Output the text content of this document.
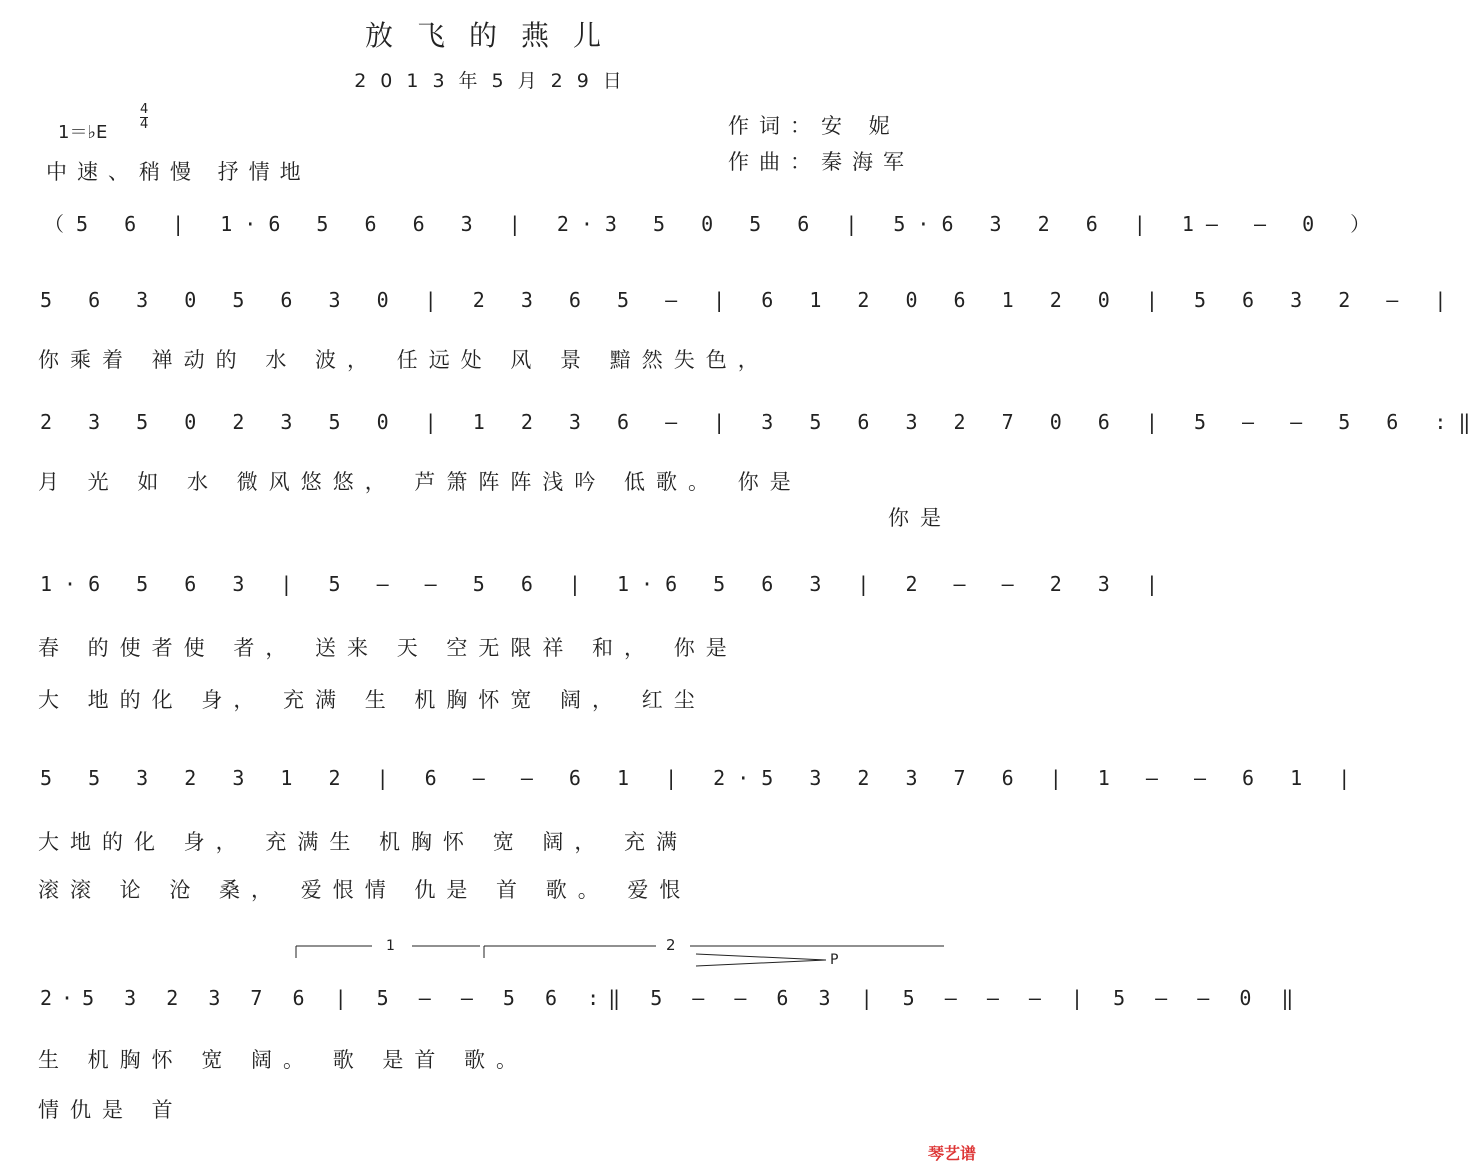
放飞的燕儿
2013年5月29日
1＝♭E
$\frac{4}{4}$
中速、稍慢 抒情地
作词：安 妮
作曲：秦海军
（5 6 | 1·6 5 6 6 3 | 2·3 5 0 5 6 | 5·6 3 2 6 | 1— — 0 ）
5 6 3 0 5 6 3 0 | 2 3 6 5 — | 6 1 2 0 6 1 2 0 | 5 6 3 2 — |
你乘着 禅动的 水 波， 任远处 风 景 黯然失色，
2 3 5 0 2 3 5 0 | 1 2 3 6 — | 3 5 6 3 2 7 0 6 | 5 — — 5 6 :‖
月 光 如 水 微风悠悠， 芦箫阵阵浅吟 低歌。 你是
你是
1·6 5 6 3 | 5 — — 5 6 | 1·6 5 6 3 | 2 — — 2 3 |
春 的使者使 者， 送来 天 空无限祥 和， 你是
大 地的化 身， 充满 生 机胸怀宽 阔， 红尘
5 5 3 2 3 1 2 | 6 — — 6 1 | 2·5 3 2 3 7 6 | 1 — — 6 1 |
大地的化 身， 充满生 机胸怀 宽 阔， 充满
滚滚 论 沧 桑， 爱恨情 仇是 首 歌。 爱恨
2·5 3 2 3 7 6 | 5 — — 5 6 :‖ 5 — — 6 3 | 5 — — — | 5 — — 0 ‖
生 机胸怀 宽 阔。 歌 是首 歌。
情仇是 首
1	2
P
琴艺谱
